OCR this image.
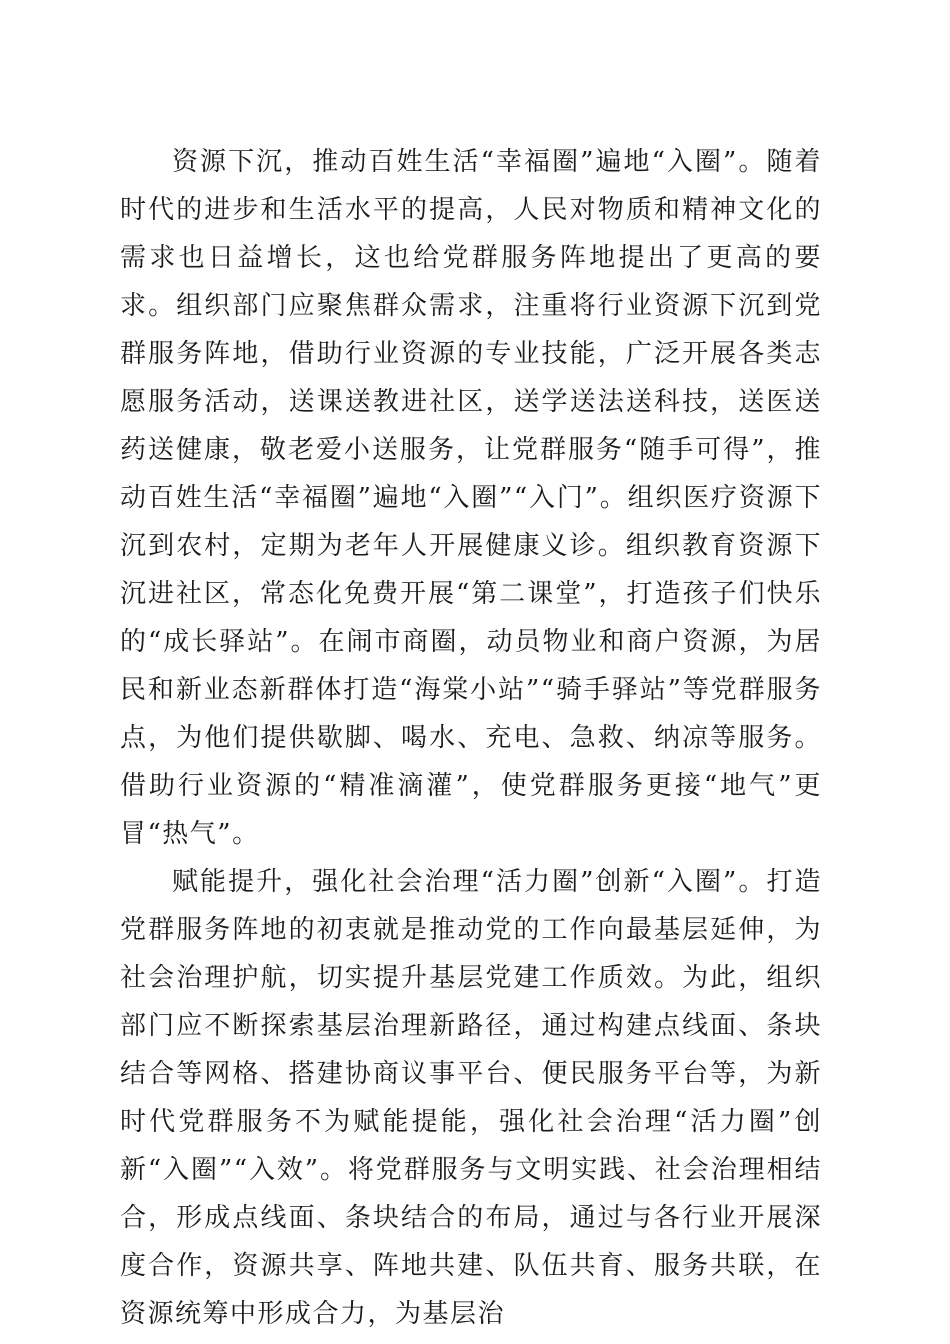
资源下沉，推动百姓生活“幸福圈”遍地“入圈”。随着时代的进步和生活水平的提高，人民对物质和精神文化的需求也日益增长，这也给党群服务阵地提出了更高的要求。组织部门应聚焦群众需求，注重将行业资源下沉到党群服务阵地，借助行业资源的专业技能，广泛开展各类志愿服务活动，送课送教进社区，送学送法送科技，送医送药送健康，敬老爱小送服务，让党群服务“随手可得”，推动百姓生活“幸福圈”遍地“入圈”“入门”。组织医疗资源下沉到农村，定期为老年人开展健康义诊。组织教育资源下沉进社区，常态化免费开展“第二课堂”，打造孩子们快乐的“成长驿站”。在闹市商圈，动员物业和商户资源，为居民和新业态新群体打造“海棠小站”“骑手驿站”等党群服务点，为他们提供歇脚、喝水、充电、急救、纳凉等服务。借助行业资源的“精准滴灌”，使党群服务更接“地气”更冒“热气”。

赋能提升，强化社会治理“活力圈”创新“入圈”。打造党群服务阵地的初衷就是推动党的工作向最基层延伸，为社会治理护航，切实提升基层党建工作质效。为此，组织部门应不断探索基层治理新路径，通过构建点线面、条块结合等网格、搭建协商议事平台、便民服务平台等，为新时代党群服务不为赋能提能，强化社会治理“活力圈”创新“入圈”“入效”。将党群服务与文明实践、社会治理相结合，形成点线面、条块结合的布局，通过与各行业开展深度合作，资源共享、阵地共建、队伍共育、服务共联，在资源统筹中形成合力，为基层治
